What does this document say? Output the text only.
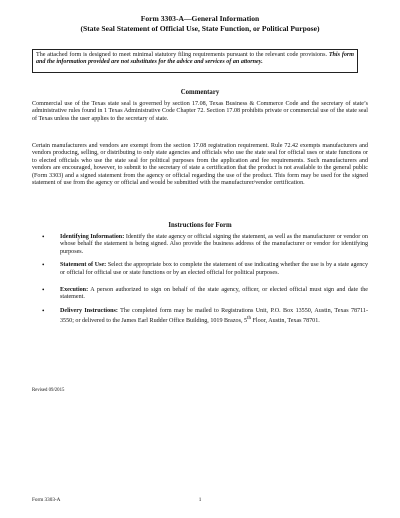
Form 3303-A—General Information
(State Seal Statement of Official Use, State Function, or Political Purpose)
The attached form is designed to meet minimal statutory filing requirements pursuant to the relevant code provisions. This form and the information provided are not substitutes for the advice and services of an attorney.
Commentary
Commercial use of the Texas state seal is governed by section 17.08, Texas Business & Commerce Code and the secretary of state’s administrative rules found in 1 Texas Administrative Code Chapter 72. Section 17.08 prohibits private or commercial use of the state seal of Texas unless the user applies to the secretary of state.
Certain manufacturers and vendors are exempt from the section 17.08 registration requirement. Rule 72.42 exempts manufacturers and vendors producing, selling, or distributing to only state agencies and officials who use the state seal for official uses or state functions or to elected officials who use the state seal for political purposes from the application and fee requirements. Such manufacturers and vendors are encouraged, however, to submit to the secretary of state a certification that the product is not available to the general public (Form 3303) and a signed statement from the agency or official regarding the use of the product. This form may be used for the signed statement of use from the agency or official and would be submitted with the manufacturer/vendor certification.
Instructions for Form
•	Identifying Information: Identify the state agency or official signing the statement, as well as the manufacturer or vendor on whose behalf the statement is being signed. Also provide the business address of the manufacturer or vendor for identifying purposes.
•	Statement of Use: Select the appropriate box to complete the statement of use indicating whether the use is by a state agency or official for official use or state functions or by an elected official for political purposes.
•	Execution: A person authorized to sign on behalf of the state agency, officer, or elected official must sign and date the statement.
•	Delivery Instructions: The completed form may be mailed to Registrations Unit, P.O. Box 13550, Austin, Texas 78711-3550; or delivered to the James Earl Rudder Office Building, 1019 Brazos, 5th Floor, Austin, Texas 78701.
Revised 09/2015
Form 3303-A	1
